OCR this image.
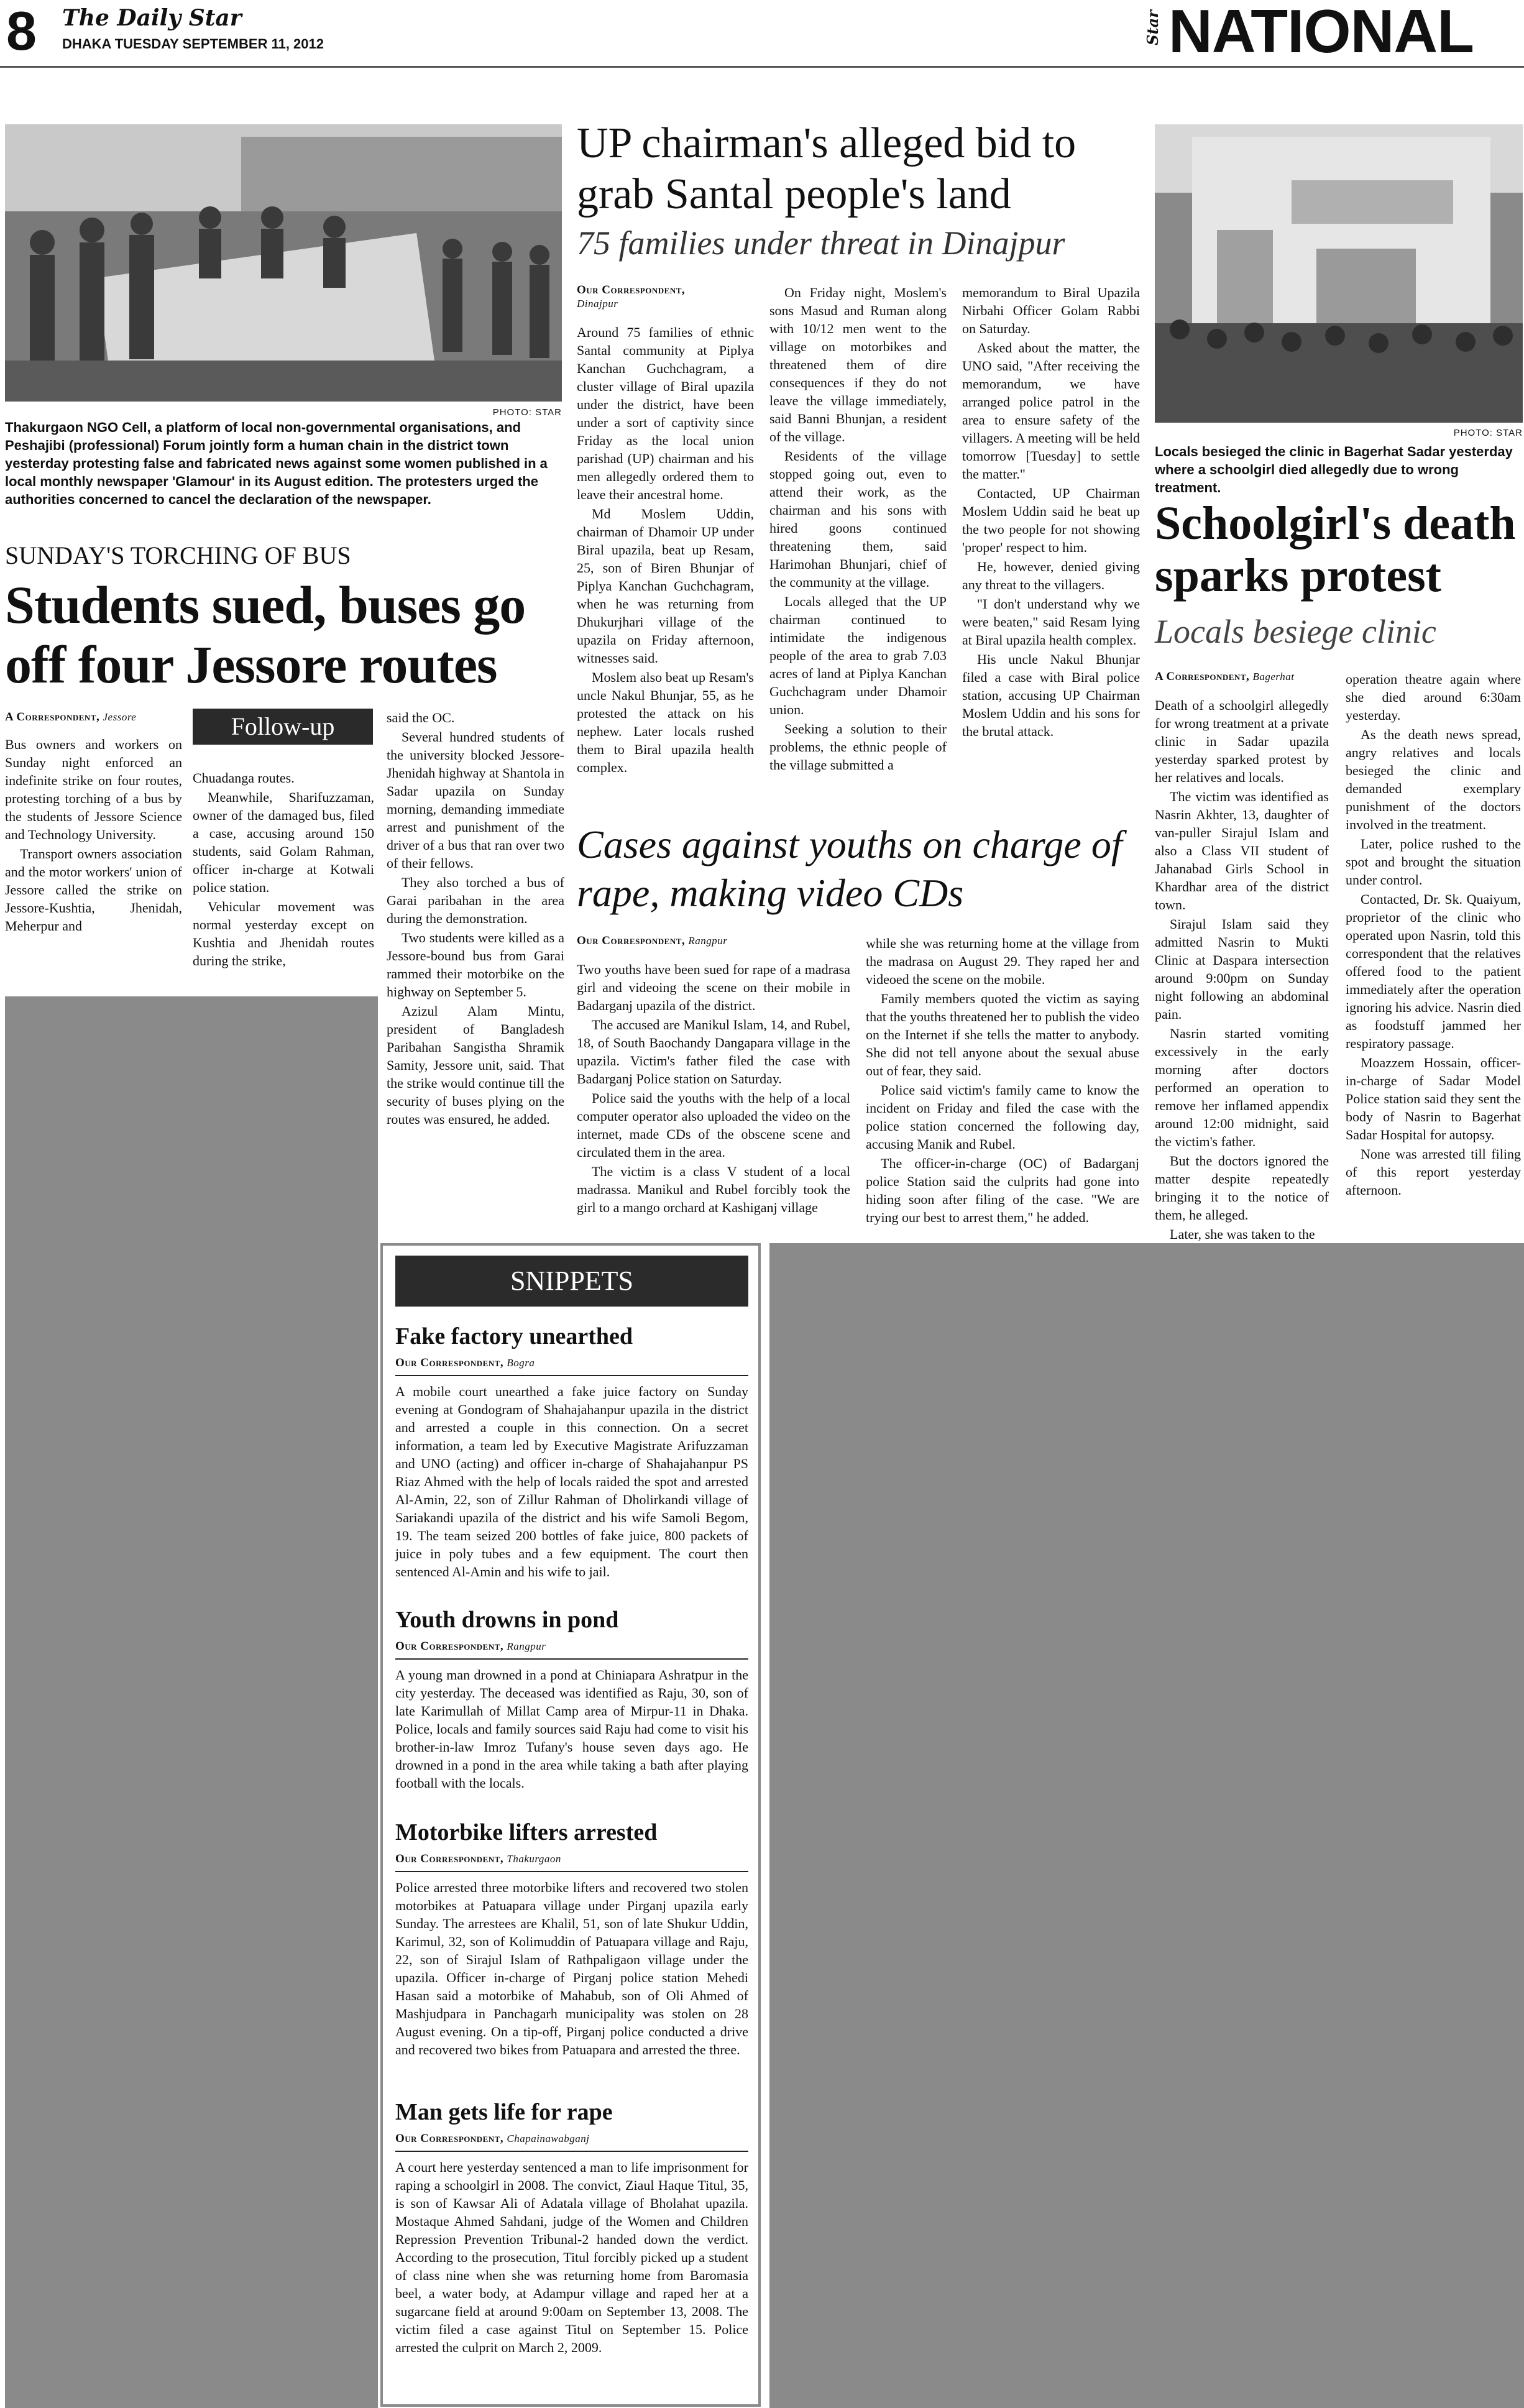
8 The Daily Star
DHAKA TUESDAY SEPTEMBER 11, 2012	Star NATIONAL
PHOTO: STAR
Thakurgaon NGO Cell, a platform of local non-governmental organisations, and Peshajibi (professional) Forum jointly form a human chain in the district town yesterday protesting false and fabricated news against some women published in a local monthly newspaper 'Glamour' in its August edition. The protesters urged the authorities concerned to cancel the declaration of the newspaper.
SUNDAY'S TORCHING OF BUS
Students sued, buses go off four Jessore routes
A Correspondent, Jessore

Bus owners and workers on Sunday night enforced an indefinite strike on four routes, protesting torching of a bus by the students of Jessore Science and Technology University.

Transport owners association and the motor workers' union of Jessore called the strike on Jessore-Kushtia, Jhenidah, Meherpur and

Follow-up

Chuadanga routes.

Meanwhile, Sharifuzzaman, owner of the damaged bus, filed a case, accusing around 150 students, said Golam Rahman, officer in-charge at Kotwali police station.

Vehicular movement was normal yesterday except on Kushtia and Jhenidah routes during the strike,

said the OC.

Several hundred students of the university blocked Jessore-Jhenidah highway at Shantola in Sadar upazila on Sunday morning, demanding immediate arrest and punishment of the driver of a bus that ran over two of their fellows.

They also torched a bus of Garai paribahan in the area during the demonstration.

Two students were killed as a Jessore-bound bus from Garai rammed their motorbike on the highway on September 5.

Azizul Alam Mintu, president of Bangladesh Paribahan Sangistha Shramik Samity, Jessore unit, said. That the strike would continue till the security of buses plying on the routes was ensured, he added.

UP chairman's alleged bid to grab Santal people's land
75 families under threat in Dinajpur
Our Correspondent,
Dinajpur

Around 75 families of ethnic Santal community at Piplya Kanchan Guchchagram, a cluster village of Biral upazila under the district, have been under a sort of captivity since Friday as the local union parishad (UP) chairman and his men allegedly ordered them to leave their ancestral home.

Md Moslem Uddin, chairman of Dhamoir UP under Biral upazila, beat up Resam, 25, son of Biren Bhunjar of Piplya Kanchan Guchchagram, when he was returning from Dhukurjhari village of the upazila on Friday afternoon, witnesses said.

Moslem also beat up Resam's uncle Nakul Bhunjar, 55, as he protested the attack on his nephew. Later locals rushed them to Biral upazila health complex.

On Friday night, Moslem's sons Masud and Ruman along with 10/12 men went to the village on motorbikes and threatened them of dire consequences if they do not leave the village immediately, said Banni Bhunjan, a resident of the village.

Residents of the village stopped going out, even to attend their work, as the chairman and his sons with hired goons continued threatening them, said Harimohan Bhunjari, chief of the community at the village.

Locals alleged that the UP chairman continued to intimidate the indigenous people of the area to grab 7.03 acres of land at Piplya Kanchan Guchchagram under Dhamoir union.

Seeking a solution to their problems, the ethnic people of the village submitted a

memorandum to Biral Upazila Nirbahi Officer Golam Rabbi on Saturday.

Asked about the matter, the UNO said, "After receiving the memorandum, we have arranged police patrol in the area to ensure safety of the villagers. A meeting will be held tomorrow [Tuesday] to settle the matter."

Contacted, UP Chairman Moslem Uddin said he beat up the two people for not showing 'proper' respect to him.

He, however, denied giving any threat to the villagers.

"I don't understand why we were beaten," said Resam lying at Biral upazila health complex.

His uncle Nakul Bhunjar filed a case with Biral police station, accusing UP Chairman Moslem Uddin and his sons for the brutal attack.

Cases against youths on charge of rape, making video CDs
Our Correspondent, Rangpur

Two youths have been sued for rape of a madrasa girl and videoing the scene on their mobile in Badarganj upazila of the district.

The accused are Manikul Islam, 14, and Rubel, 18, of South Baochandy Dangapara village in the upazila. Victim's father filed the case with Badarganj Police station on Saturday.

Police said the youths with the help of a local computer operator also uploaded the video on the internet, made CDs of the obscene scene and circulated them in the area.

The victim is a class V student of a local madrassa. Manikul and Rubel forcibly took the girl to a mango orchard at Kashiganj village

while she was returning home at the village from the madrasa on August 29. They raped her and videoed the scene on the mobile.

Family members quoted the victim as saying that the youths threatened her to publish the video on the Internet if she tells the matter to anybody. She did not tell anyone about the sexual abuse out of fear, they said.

Police said victim's family came to know the incident on Friday and filed the case with the police station concerned the following day, accusing Manik and Rubel.

The officer-in-charge (OC) of Badarganj police Station said the culprits had gone into hiding soon after filing of the case. "We are trying our best to arrest them," he added.

PHOTO: STAR
Locals besieged the clinic in Bagerhat Sadar yesterday where a schoolgirl died allegedly due to wrong treatment.
Schoolgirl's death sparks protest
Locals besiege clinic
A Correspondent, Bagerhat

Death of a schoolgirl allegedly for wrong treatment at a private clinic in Sadar upazila yesterday sparked protest by her relatives and locals.

The victim was identified as Nasrin Akhter, 13, daughter of van-puller Sirajul Islam and also a Class VII student of Jahanabad Girls School in Khardhar area of the district town.

Sirajul Islam said they admitted Nasrin to Mukti Clinic at Daspara intersection around 9:00pm on Sunday night following an abdominal pain.

Nasrin started vomiting excessively in the early morning after doctors performed an operation to remove her inflamed appendix around 12:00 midnight, said the victim's father.

But the doctors ignored the matter despite repeatedly bringing it to the notice of them, he alleged.

Later, she was taken to the

operation theatre again where she died around 6:30am yesterday.

As the death news spread, angry relatives and locals besieged the clinic and demanded exemplary punishment of the doctors involved in the treatment.

Later, police rushed to the spot and brought the situation under control.

Contacted, Dr. Sk. Quaiyum, proprietor of the clinic who operated upon Nasrin, told this correspondent that the relatives offered food to the patient immediately after the operation ignoring his advice. Nasrin died as foodstuff jammed her respiratory passage.

Moazzem Hossain, officer-in-charge of Sadar Model Police station said they sent the body of Nasrin to Bagerhat Sadar Hospital for autopsy.

None was arrested till filing of this report yesterday afternoon.

SNIPPETS
Fake factory unearthed
Our Correspondent, Bogra
A mobile court unearthed a fake juice factory on Sunday evening at Gondogram of Shahajahanpur upazila in the district and arrested a couple in this connection. On a secret information, a team led by Executive Magistrate Arifuzzaman and UNO (acting) and officer in-charge of Shahajahanpur PS Riaz Ahmed with the help of locals raided the spot and arrested Al-Amin, 22, son of Zillur Rahman of Dholirkandi village of Sariakandi upazila of the district and his wife Samoli Begom, 19. The team seized 200 bottles of fake juice, 800 packets of juice in poly tubes and a few equipment. The court then sentenced Al-Amin and his wife to jail.
Youth drowns in pond
Our Correspondent, Rangpur
A young man drowned in a pond at Chiniapara Ashratpur in the city yesterday. The deceased was identified as Raju, 30, son of late Karimullah of Millat Camp area of Mirpur-11 in Dhaka. Police, locals and family sources said Raju had come to visit his brother-in-law Imroz Tufany's house seven days ago. He drowned in a pond in the area while taking a bath after playing football with the locals.
Motorbike lifters arrested
Our Correspondent, Thakurgaon
Police arrested three motorbike lifters and recovered two stolen motorbikes at Patuapara village under Pirganj upazila early Sunday. The arrestees are Khalil, 51, son of late Shukur Uddin, Karimul, 32, son of Kolimuddin of Patuapara village and Raju, 22, son of Sirajul Islam of Rathpaligaon village under the upazila. Officer in-charge of Pirganj police station Mehedi Hasan said a motorbike of Mahabub, son of Oli Ahmed of Mashjudpara in Panchagarh municipality was stolen on 28 August evening. On a tip-off, Pirganj police conducted a drive and recovered two bikes from Patuapara and arrested the three.
Man gets life for rape
Our Correspondent, Chapainawabganj
A court here yesterday sentenced a man to life imprisonment for raping a schoolgirl in 2008. The convict, Ziaul Haque Titul, 35, is son of Kawsar Ali of Adatala village of Bholahat upazila. Mostaque Ahmed Sahdani, judge of the Women and Children Repression Prevention Tribunal-2 handed down the verdict. According to the prosecution, Titul forcibly picked up a student of class nine when she was returning home from Baromasia beel, a water body, at Adampur village and raped her at a sugarcane field at around 9:00am on September 13, 2008. The victim filed a case against Titul on September 15. Police arrested the culprit on March 2, 2009.
